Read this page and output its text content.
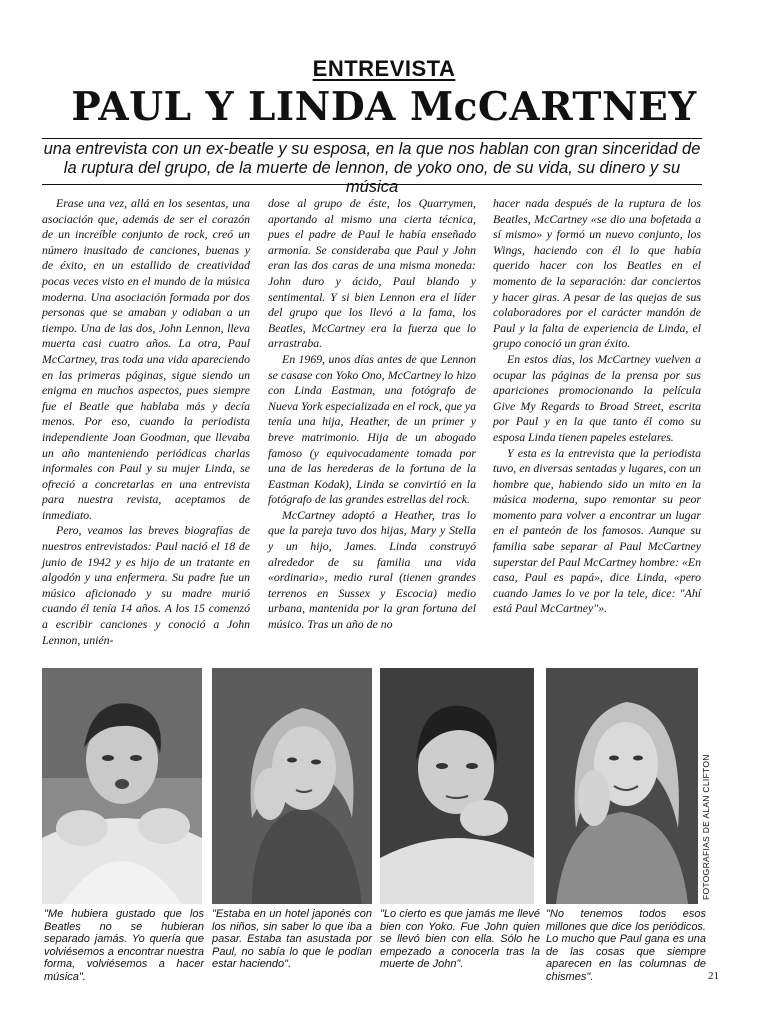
ENTREVISTA
PAUL Y LINDA McCARTNEY
una entrevista con un ex-beatle y su esposa, en la que nos hablan con gran sinceridad de la ruptura del grupo, de la muerte de lennon, de yoko ono, de su vida, su dinero y su música

Erase una vez, allá en los sesentas, una asociación que, además de ser el corazón de un increíble conjunto de rock, creó un número inusitado de canciones, buenas y de éxito, en un estallido de creatividad pocas veces visto en el mundo de la música moderna. Una asociación formada por dos personas que se amaban y odiaban a un tiempo. Una de las dos, John Lennon, lleva muerta casi cuatro años. La otra, Paul McCartney, tras toda una vida apareciendo en las primeras páginas, sigue siendo un enigma en muchos aspectos, pues siempre fue el Beatle que hablaba más y decía menos. Por eso, cuando la periodista independiente Joan Goodman, que llevaba un año manteniendo periódicas charlas informales con Paul y su mujer Linda, se ofreció a concretarlas en una entrevista para nuestra revista, aceptamos de inmediato.

Pero, veamos las breves biografías de nuestros entrevistados: Paul nació el 18 de junio de 1942 y es hijo de un tratante en algodón y una enfermera. Su padre fue un músico aficionado y su madre murió cuando él tenía 14 años. A los 15 comenzó a escribir canciones y conoció a John Lennon, unién-

dose al grupo de éste, los Quarrymen, aportando al mismo una cierta técnica, pues el padre de Paul le había enseñado armonía. Se consideraba que Paul y John eran las dos caras de una misma moneda: John duro y ácido, Paul blando y sentimental. Y si bien Lennon era el líder del grupo que los llevó a la fama, los Beatles, McCartney era la fuerza que lo arrastraba.

En 1969, unos días antes de que Lennon se casase con Yoko Ono, McCartney lo hizo con Linda Eastman, una fotógrafo de Nueva York especializada en el rock, que ya tenía una hija, Heather, de un primer y breve matrimonio. Hija de un abogado famoso (y equivocadamente tomada por una de las herederas de la fortuna de la Eastman Kodak), Linda se convirtió en la fotógrafo de las grandes estrellas del rock.

McCartney adoptó a Heather, tras lo que la pareja tuvo dos hijas, Mary y Stella y un hijo, James. Linda construyó alrededor de su familia una vida «ordinaria», medio rural (tienen grandes terrenos en Sussex y Escocia) medio urbana, mantenida por la gran fortuna del músico. Tras un año de no

hacer nada después de la ruptura de los Beatles, McCartney «se dio una bofetada a sí mismo» y formó un nuevo conjunto, los Wings, haciendo con él lo que había querido hacer con los Beatles en el momento de la separación: dar conciertos y hacer giras. A pesar de las quejas de sus colaboradores por el carácter mandón de Paul y la falta de experiencia de Linda, el grupo conoció un gran éxito.

En estos días, los McCartney vuelven a ocupar las páginas de la prensa por sus apariciones promocionando la película Give My Regards to Broad Street, escrita por Paul y en la que tanto él como su esposa Linda tienen papeles estelares.

Y esta es la entrevista que la periodista tuvo, en diversas sentadas y lugares, con un hombre que, habiendo sido un mito en la música moderna, supo remontar su peor momento para volver a encontrar un lugar en el panteón de los famosos. Aunque su familia sabe separar al Paul McCartney superstar del Paul McCartney hombre: «En casa, Paul es papá», dice Linda, «pero cuando James lo ve por la tele, dice: "Ahí está Paul McCartney"».

FOTOGRAFIAS DE ALAN CLIFTON
"Me hubiera gustado que los Beatles no se hubieran separado jamás. Yo quería que volviésemos a encontrar nuestra forma, volviésemos a hacer música".
"Estaba en un hotel japonés con los niños, sin saber lo que iba a pasar. Estaba tan asustada por Paul, no sabía lo que le podían estar haciendo".
"Lo cierto es que jamás me llevé bien con Yoko. Fue John quien se llevó bien con ella. Sólo he empezado a conocerla tras la muerte de John".
"No tenemos todos esos millones que dice los periódicos. Lo mucho que Paul gana es una de las cosas que siempre aparecen en las columnas de chismes".	21
